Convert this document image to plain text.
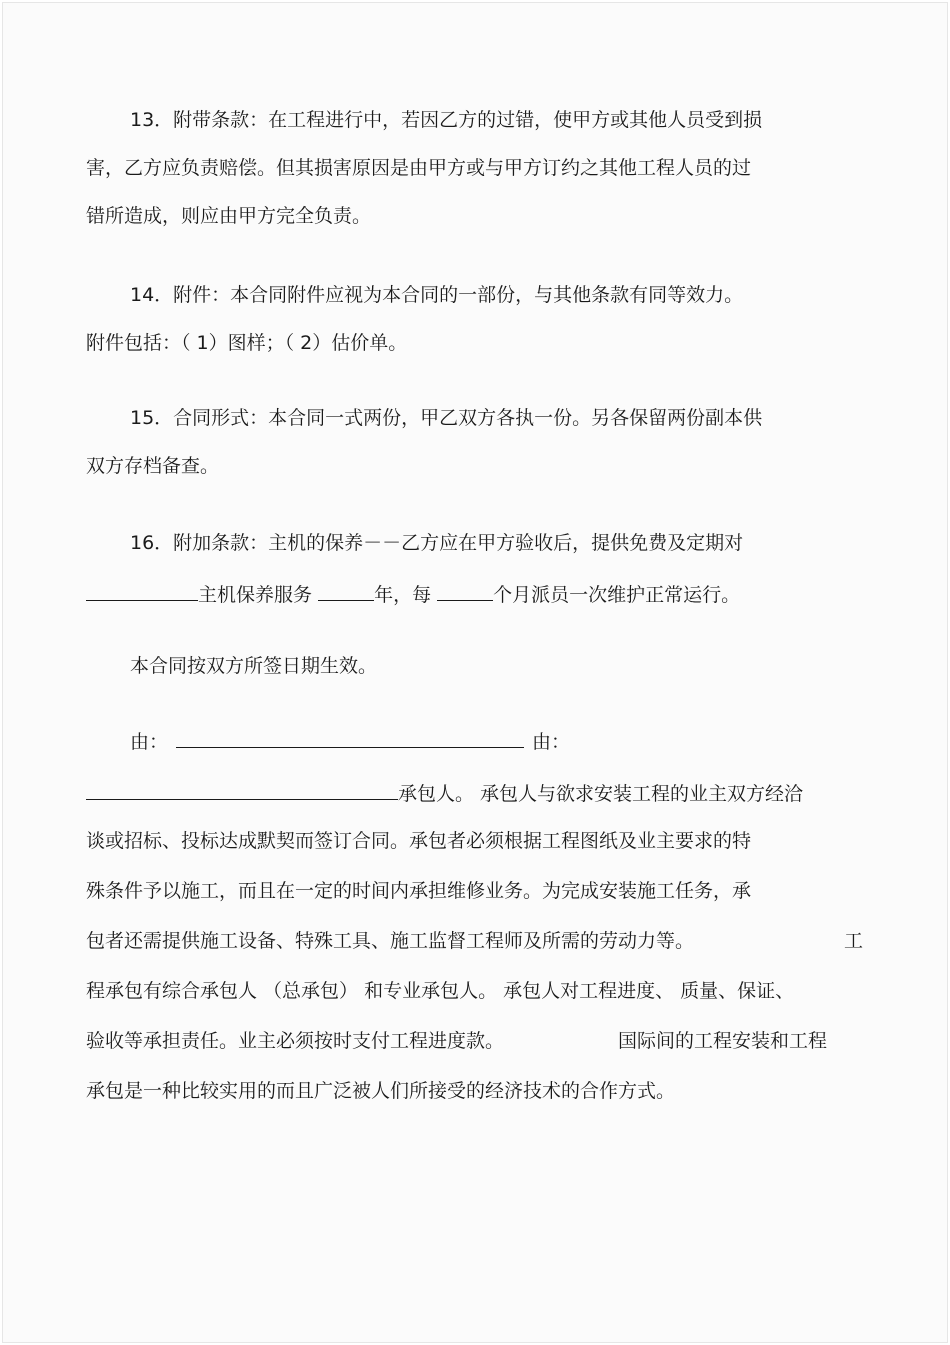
13．附带条款：在工程进行中，若因乙方的过错，使甲方或其他人员受到损
害，乙方应负责赔偿。但其损害原因是由甲方或与甲方订约之其他工程人员的过
错所造成，则应由甲方完全负责。
14．附件：本合同附件应视为本合同的一部份，与其他条款有同等效力。
附件包括：（ 1）图样；（ 2）估价单。
15．合同形式：本合同一式两份，甲乙双方各执一份。另各保留两份副本供
双方存档备查。
16．附加条款：主机的保养－－乙方应在甲方验收后，提供免费及定期对
主机保养服务	年，每	个月派员一次维护正常运行。
本合同按双方所签日期生效。
由：	由：
承包人。 承包人与欲求安装工程的业主双方经洽
谈或招标、投标达成默契而签订合同。承包者必须根据工程图纸及业主要求的特
殊条件予以施工，而且在一定的时间内承担维修业务。为完成安装施工任务，承
包者还需提供施工设备、特殊工具、施工监督工程师及所需的劳动力等。	工
程承包有综合承包人 （总承包） 和专业承包人。 承包人对工程进度、 质量、保证、
验收等承担责任。业主必须按时支付工程进度款。	国际间的工程安装和工程
承包是一种比较实用的而且广泛被人们所接受的经济技术的合作方式。
